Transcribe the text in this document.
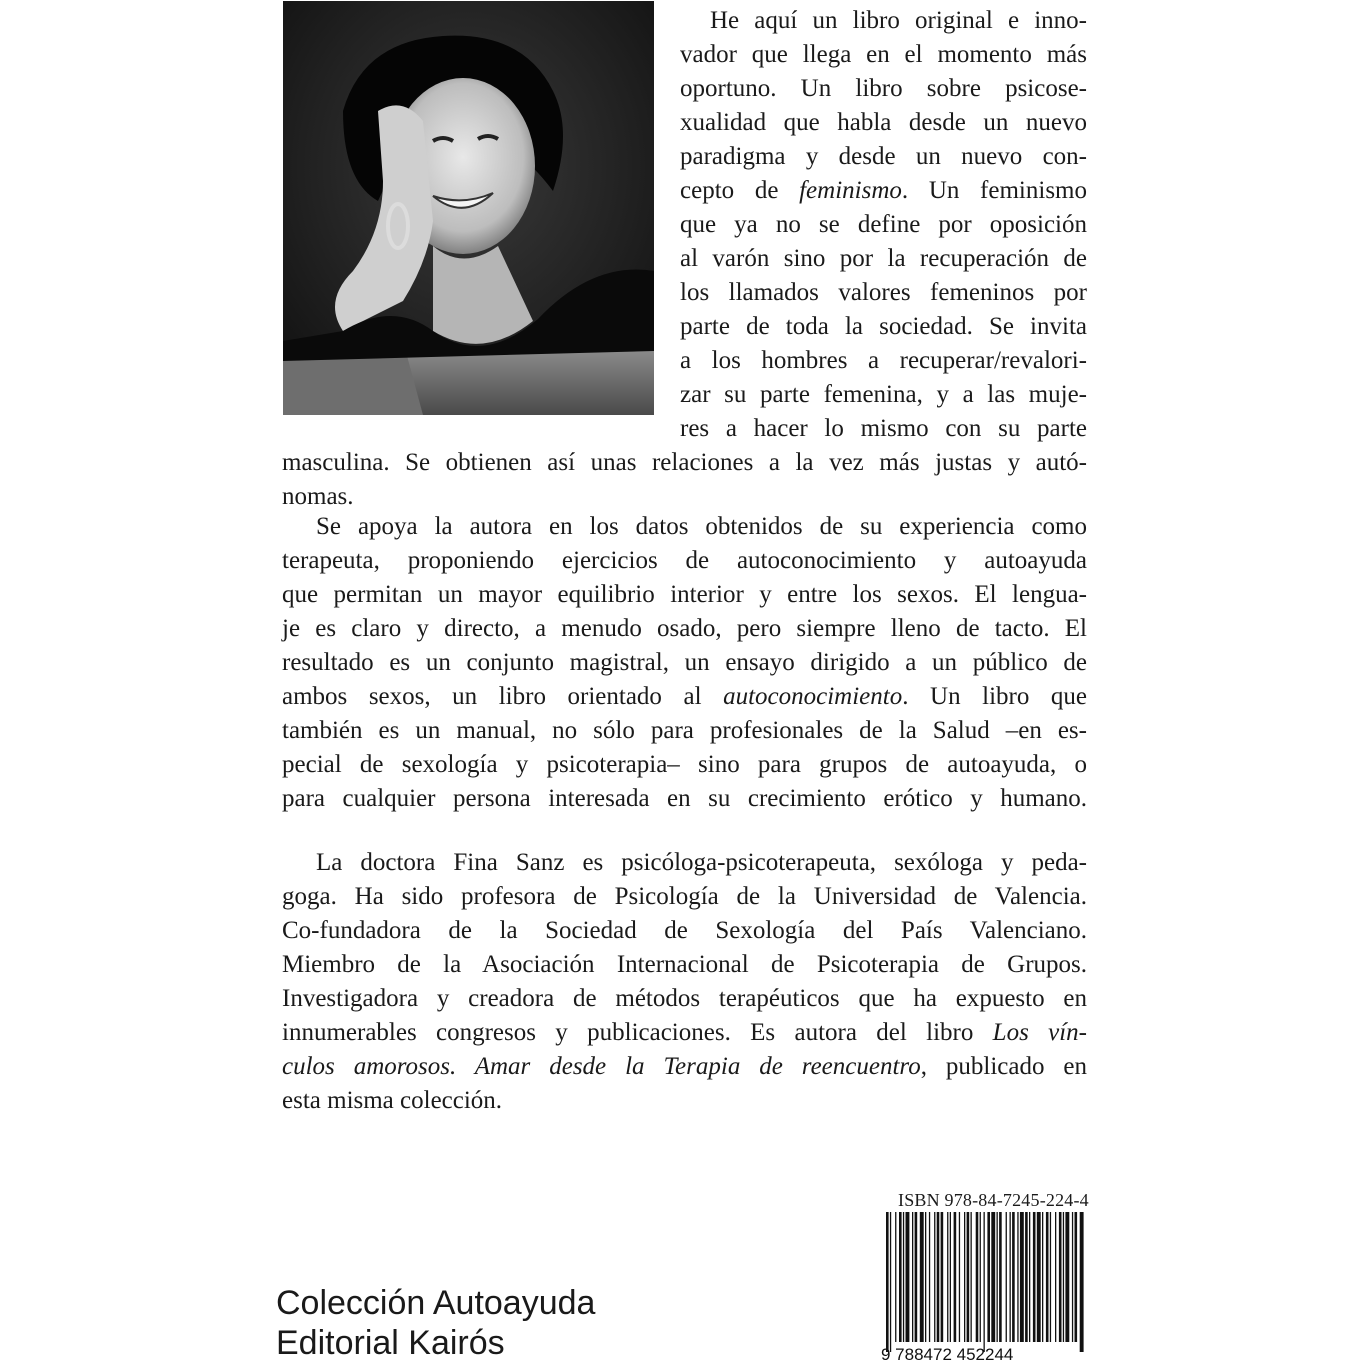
He aquí un libro original e inno-
vador que llega en el momento más
oportuno. Un libro sobre psicose-
xualidad que habla desde un nuevo
paradigma y desde un nuevo con-
cepto de feminismo. Un feminismo
que ya no se define por oposición
al varón sino por la recuperación de
los llamados valores femeninos por
parte de toda la sociedad. Se invita
a los hombres a recuperar/revalori-
zar su parte femenina, y a las muje-
res a hacer lo mismo con su parte
masculina. Se obtienen así unas relaciones a la vez más justas y autó-
nomas.
Se apoya la autora en los datos obtenidos de su experiencia como
terapeuta, proponiendo ejercicios de autoconocimiento y autoayuda
que permitan un mayor equilibrio interior y entre los sexos. El lengua-
je es claro y directo, a menudo osado, pero siempre lleno de tacto. El
resultado es un conjunto magistral, un ensayo dirigido a un público de
ambos sexos, un libro orientado al autoconocimiento. Un libro que
también es un manual, no sólo para profesionales de la Salud –en es-
pecial de sexología y psicoterapia– sino para grupos de autoayuda, o
para cualquier persona interesada en su crecimiento erótico y humano.
La doctora Fina Sanz es psicóloga-psicoterapeuta, sexóloga y peda-
goga. Ha sido profesora de Psicología de la Universidad de Valencia.
Co-fundadora de la Sociedad de Sexología del País Valenciano.
Miembro de la Asociación Internacional de Psicoterapia de Grupos.
Investigadora y creadora de métodos terapéuticos que ha expuesto en
innumerables congresos y publicaciones. Es autora del libro Los vín-
culos amorosos. Amar desde la Terapia de reencuentro, publicado en
esta misma colección.
ISBN 978-84-7245-224-4
9 788472 452244
Colección Autoayuda
Editorial Kairós
